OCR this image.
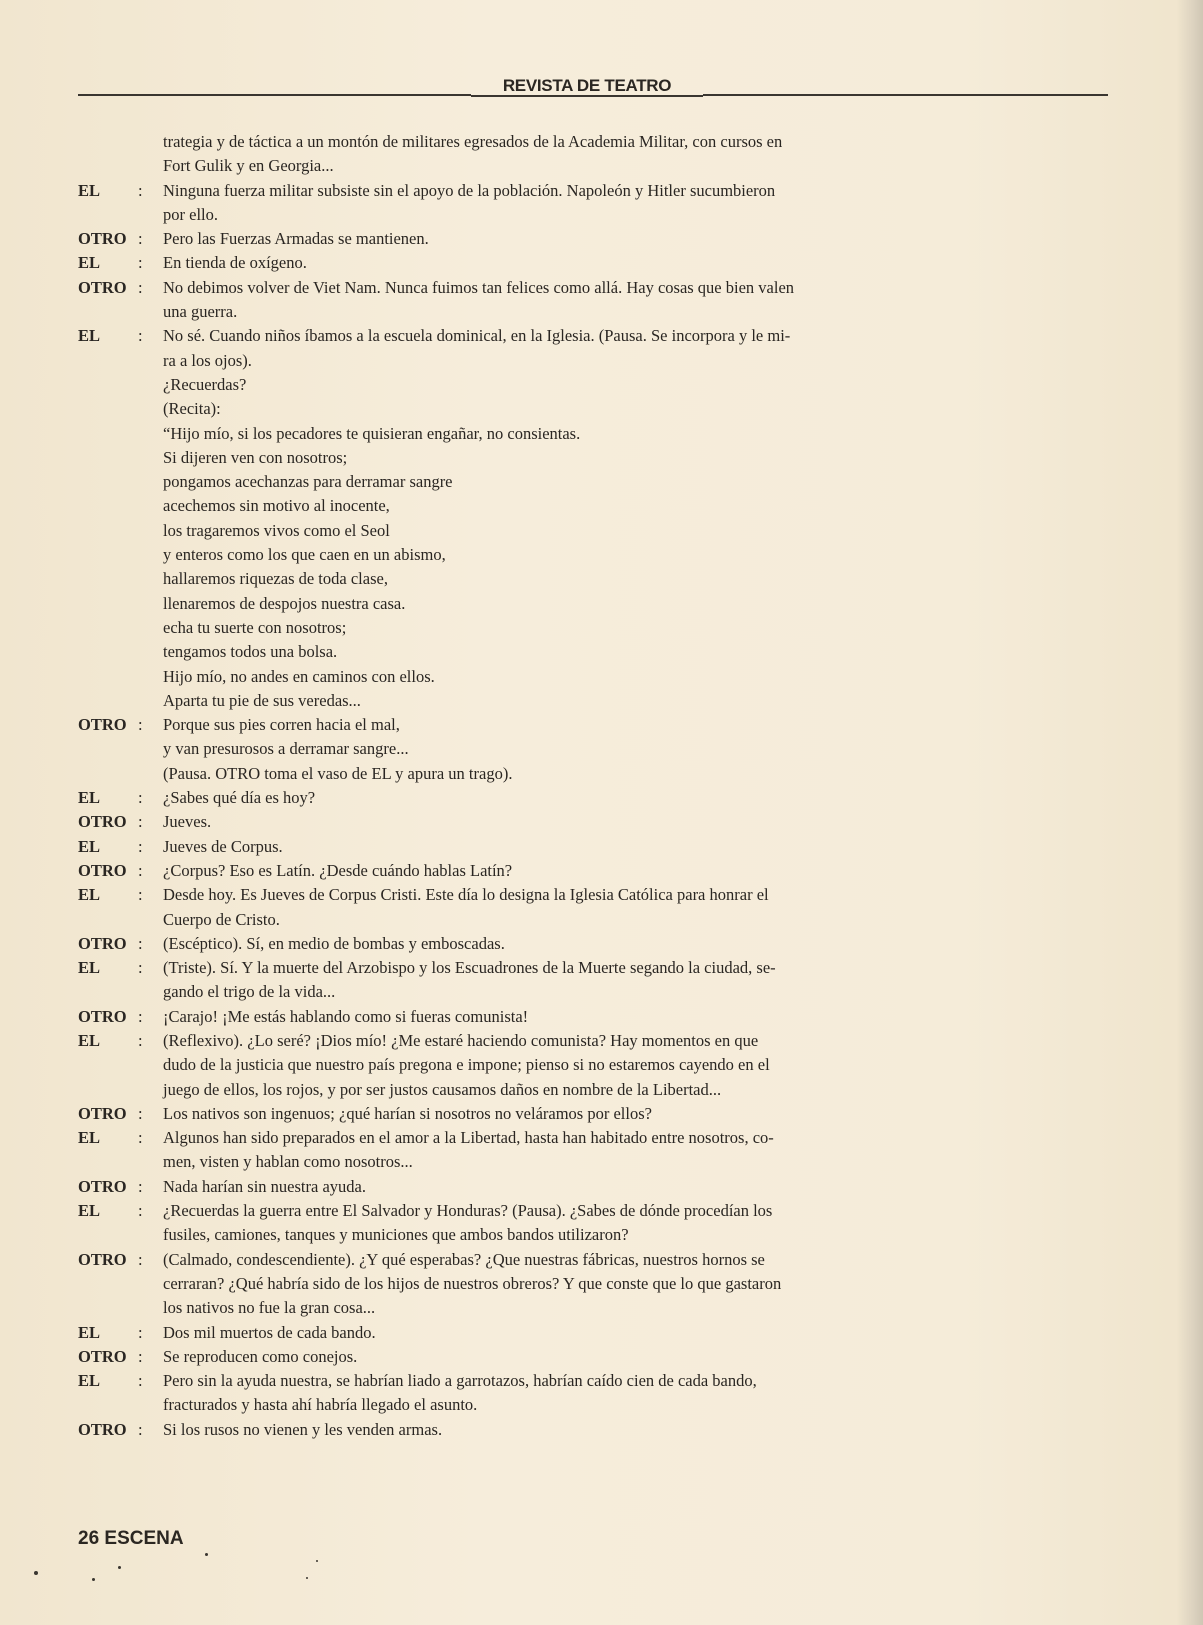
REVISTA DE TEATRO
trategia y de táctica a un montón de militares egresados de la Academia Militar, con cursos en
Fort Gulik y en Georgia...
EL	:	Ninguna fuerza militar subsiste sin el apoyo de la población. Napoleón y Hitler sucumbieron
por ello.
OTRO :	Pero las Fuerzas Armadas se mantienen.
EL	:	En tienda de oxígeno.
OTRO :	No debimos volver de Viet Nam. Nunca fuimos tan felices como allá. Hay cosas que bien valen
una guerra.
EL	:	No sé. Cuando niños íbamos a la escuela dominical, en la Iglesia. (Pausa. Se incorpora y le mi-
ra a los ojos).
¿Recuerdas?
(Recita):
“Hijo mío, si los pecadores te quisieran engañar, no consientas.
Si dijeren ven con nosotros;
pongamos acechanzas para derramar sangre
acechemos sin motivo al inocente,
los tragaremos vivos como el Seol
y enteros como los que caen en un abismo,
hallaremos riquezas de toda clase,
llenaremos de despojos nuestra casa.
echa tu suerte con nosotros;
tengamos todos una bolsa.
Hijo mío, no andes en caminos con ellos.
Aparta tu pie de sus veredas...
OTRO :	Porque sus pies corren hacia el mal,
y van presurosos a derramar sangre...
(Pausa. OTRO toma el vaso de EL y apura un trago).
EL	:	¿Sabes qué día es hoy?
OTRO :	Jueves.
EL	:	Jueves de Corpus.
OTRO :	¿Corpus? Eso es Latín. ¿Desde cuándo hablas Latín?
EL	:	Desde hoy. Es Jueves de Corpus Cristi. Este día lo designa la Iglesia Católica para honrar el
Cuerpo de Cristo.
OTRO :	(Escéptico). Sí, en medio de bombas y emboscadas.
EL	:	(Triste). Sí. Y la muerte del Arzobispo y los Escuadrones de la Muerte segando la ciudad, se-
gando el trigo de la vida...
OTRO :	¡Carajo! ¡Me estás hablando como si fueras comunista!
EL	:	(Reflexivo). ¿Lo seré? ¡Dios mío! ¿Me estaré haciendo comunista? Hay momentos en que
dudo de la justicia que nuestro país pregona e impone; pienso si no estaremos cayendo en el
juego de ellos, los rojos, y por ser justos causamos daños en nombre de la Libertad...
OTRO :	Los nativos son ingenuos; ¿qué harían si nosotros no veláramos por ellos?
EL	:	Algunos han sido preparados en el amor a la Libertad, hasta han habitado entre nosotros, co-
men, visten y hablan como nosotros...
OTRO :	Nada harían sin nuestra ayuda.
EL	:	¿Recuerdas la guerra entre El Salvador y Honduras? (Pausa). ¿Sabes de dónde procedían los
fusiles, camiones, tanques y municiones que ambos bandos utilizaron?
OTRO :	(Calmado, condescendiente). ¿Y qué esperabas? ¿Que nuestras fábricas, nuestros hornos se
cerraran? ¿Qué habría sido de los hijos de nuestros obreros? Y que conste que lo que gastaron
los nativos no fue la gran cosa...
EL	:	Dos mil muertos de cada bando.
OTRO :	Se reproducen como conejos.
EL	:	Pero sin la ayuda nuestra, se habrían liado a garrotazos, habrían caído cien de cada bando,
fracturados y hasta ahí habría llegado el asunto.
OTRO :	Si los rusos no vienen y les venden armas.
26 ESCENA
